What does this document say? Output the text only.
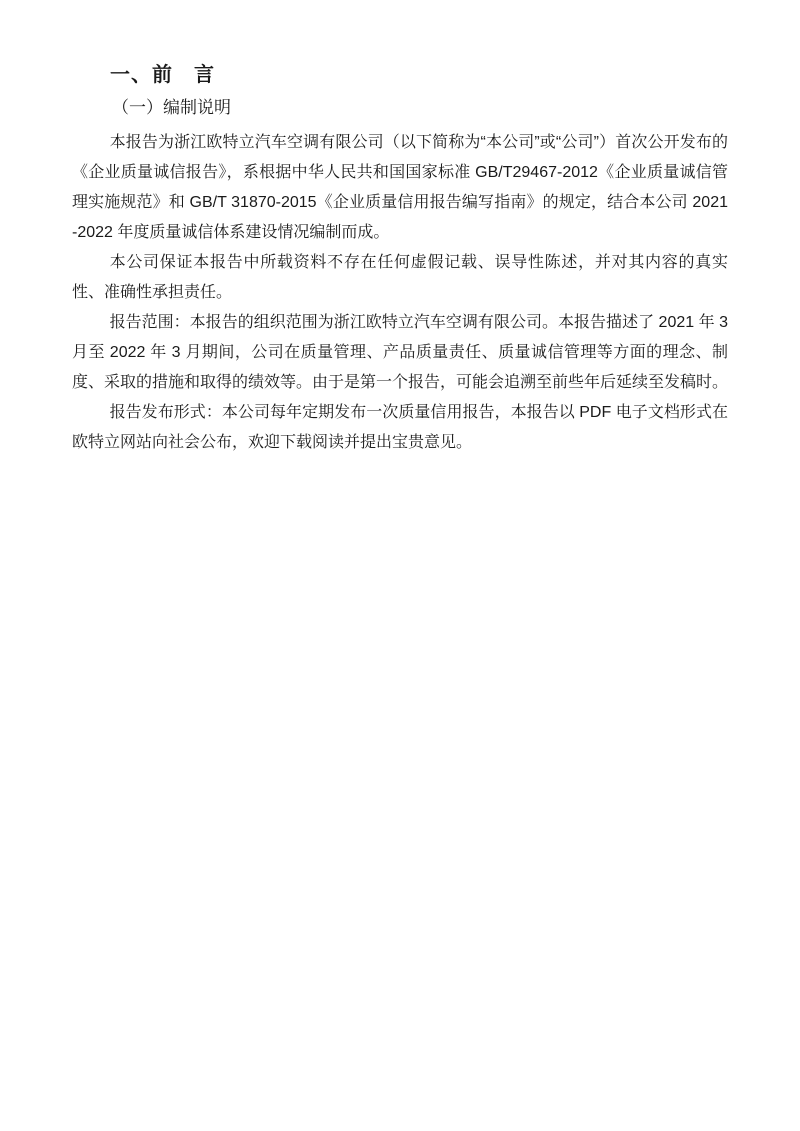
一、前　言
（一）编制说明

本报告为浙江欧特立汽车空调有限公司（以下简称为“本公司”或“公司”）首次公开发布的《企业质量诚信报告》，系根据中华人民共和国国家标准 GB/T29467-2012《企业质量诚信管理实施规范》和 GB/T 31870-2015《企业质量信用报告编写指南》的规定，结合本公司 2021-2022 年度质量诚信体系建设情况编制而成。

本公司保证本报告中所载资料不存在任何虚假记载、误导性陈述，并对其内容的真实性、准确性承担责任。

报告范围：本报告的组织范围为浙江欧特立汽车空调有限公司。本报告描述了 2021 年 3 月至 2022 年 3 月期间，公司在质量管理、产品质量责任、质量诚信管理等方面的理念、制度、采取的措施和取得的绩效等。由于是第一个报告，可能会追溯至前些年后延续至发稿时。

报告发布形式：本公司每年定期发布一次质量信用报告，本报告以 PDF 电子文档形式在欧特立网站向社会公布，欢迎下载阅读并提出宝贵意见。
